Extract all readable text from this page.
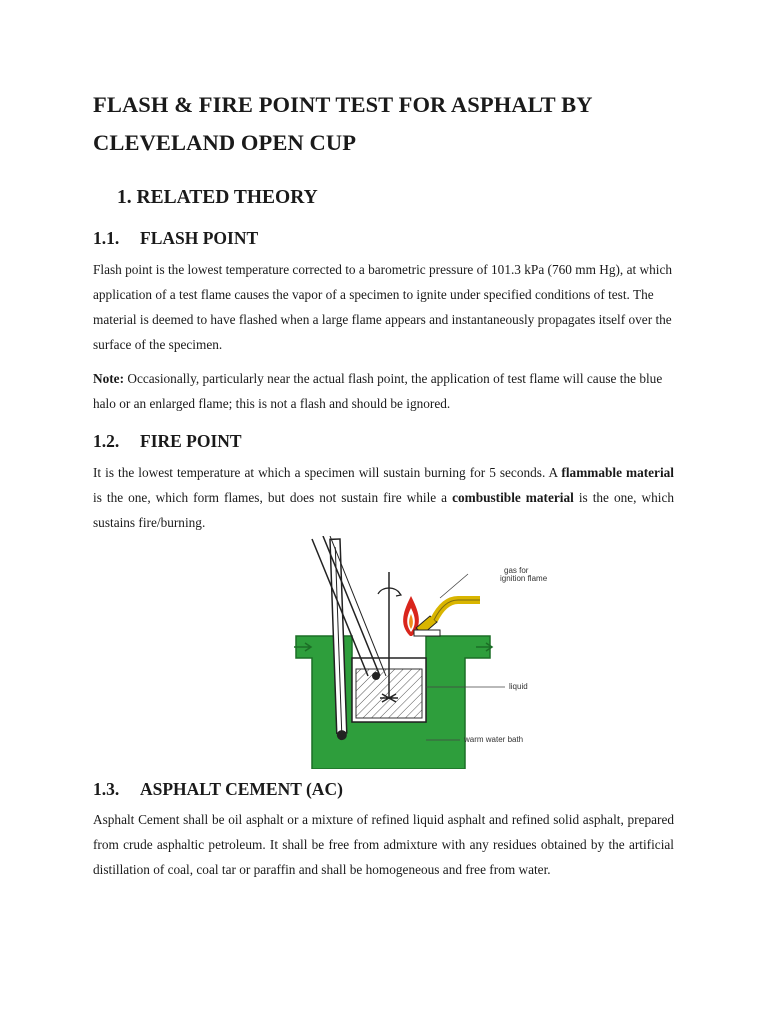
FLASH & FIRE POINT TEST FOR ASPHALT BY CLEVELAND OPEN CUP
1. RELATED THEORY
1.1. FLASH POINT

Flash point is the lowest temperature corrected to a barometric pressure of 101.3 kPa (760 mm Hg), at which application of a test flame causes the vapor of a specimen to ignite under specified conditions of test. The material is deemed to have flashed when a large flame appears and instantaneously propagates itself over the surface of the specimen.

Note: Occasionally, particularly near the actual flash point, the application of test flame will cause the blue halo or an enlarged flame; this is not a flash and should be ignored.

1.2. FIRE POINT

It is the lowest temperature at which a specimen will sustain burning for 5 seconds. A flammable material is the one, which form flames, but does not sustain fire while a combustible material is the one, which sustains fire/burning.

gas for
ignition flame
liquid
warm water bath
1.3. ASPHALT CEMENT (AC)

Asphalt Cement shall be oil asphalt or a mixture of refined liquid asphalt and refined solid asphalt, prepared from crude asphaltic petroleum. It shall be free from admixture with any residues obtained by the artificial distillation of coal, coal tar or paraffin and shall be homogeneous and free from water.
